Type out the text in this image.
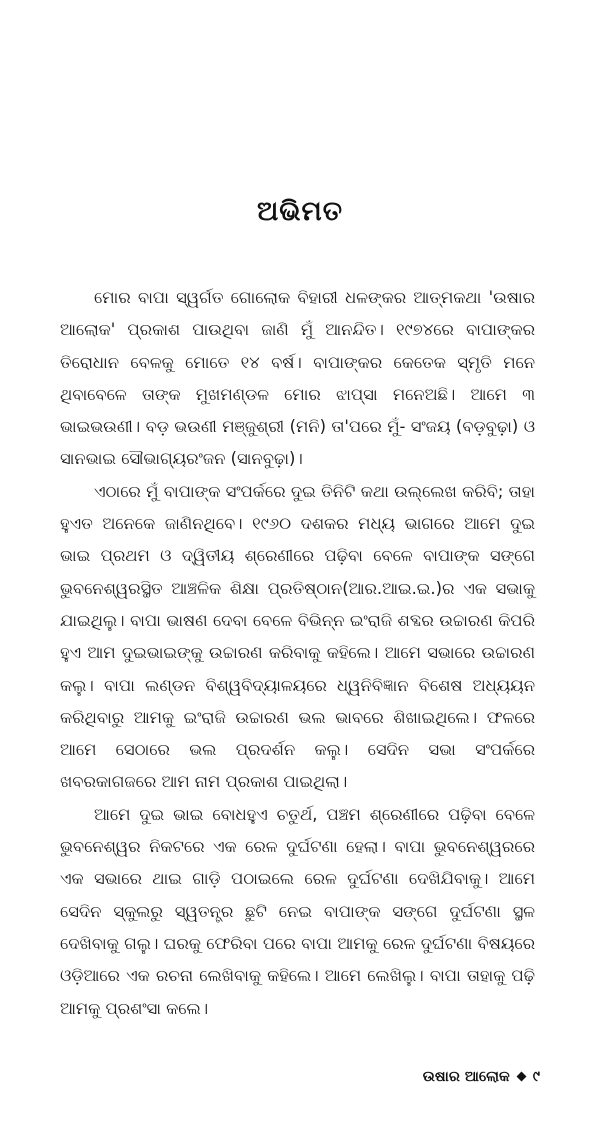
ଅଭିମତ

ମୋର ବାପା ସ୍ୱର୍ଗତ ଗୋଲୋକ ବିହାରୀ ଧଳଙ୍କର ଆତ୍ମକଥା 'ଉଷାର ଆଲୋକ' ପ୍ରକାଶ ପାଉଥିବା ଜାଣି ମୁଁ ଆନନ୍ଦିତ। ୧୯୭୪ରେ ବାପାଙ୍କର ତିରୋଧାନ ବେଳକୁ ମୋତେ ୧୪ ବର୍ଷ। ବାପାଙ୍କର କେତେକ ସ୍ମୃତି ମନେ ଥିବାବେଳେ ତାଙ୍କ ମୁଖମଣ୍ଡଳ ମୋର ଝାପ୍‌ସା ମନେଅଛି। ଆମେ ୩ ଭାଇଭଉଣୀ। ବଡ଼ ଭଉଣୀ ମଞ୍ଜୁଶ୍ରୀ (ମନି) ତା'ପରେ ମୁଁ- ସଂଜୟ (ବଡ଼ବୁଢ଼ା) ଓ ସାନଭାଇ ସୌଭାଗ୍ୟରଂଜନ (ସାନବୁଢ଼ା)।

ଏଠାରେ ମୁଁ ବାପାଙ୍କ ସଂପର୍କରେ ଦୁଇ ତିନିଟି କଥା ଉଲ୍ଲେଖ କରିବି; ତାହା ହୁଏତ ଅନେକେ ଜାଣିନଥିବେ। ୧୯୬୦ ଦଶକର ମଧ୍ୟ ଭାଗରେ ଆମେ ଦୁଇ ଭାଇ ପ୍ରଥମ ଓ ଦ୍ୱିତୀୟ ଶ୍ରେଣୀରେ ପଢ଼ିବା ବେଳେ ବାପାଙ୍କ ସଙ୍ଗେ ଭୁବନେଶ୍ୱରସ୍ଥିତ ଆଞ୍ଚଳିକ ଶିକ୍ଷା ପ୍ରତିଷ୍ଠାନ(ଆର.ଆଇ.ଇ.)ର ଏକ ସଭାକୁ ଯାଇଥିଲୁ। ବାପା ଭାଷଣ ଦେବା ବେଳେ ବିଭିନ୍ନ ଇଂରାଜି ଶବ୍ଦର ଉଚ୍ଚାରଣ କିପରି ହୁଏ ଆମ ଦୁଇଭାଇଙ୍କୁ ଉଚ୍ଚାରଣ କରିବାକୁ କହିଲେ। ଆମେ ସଭାରେ ଉଚ୍ଚାରଣ କଲୁ। ବାପା ଲଣ୍ଡନ ବିଶ୍ୱବିଦ୍ୟାଳୟରେ ଧ୍ୱନିବିଜ୍ଞାନ ବିଶେଷ ଅଧ୍ୟୟନ କରିଥିବାରୁ ଆମକୁ ଇଂରାଜି ଉଚ୍ଚାରଣ ଭଲ ଭାବରେ ଶିଖାଇଥିଲେ। ଫଳରେ ଆମେ ସେଠାରେ ଭଲ ପ୍ରଦର୍ଶନ କଲୁ। ସେଦିନ ସଭା ସଂପର୍କରେ ଖବରକାଗଜରେ ଆମ ନାମ ପ୍ରକାଶ ପାଇଥିଲା।

ଆମେ ଦୁଇ ଭାଇ ବୋଧହୁଏ ଚତୁର୍ଥ, ପଞ୍ଚମ ଶ୍ରେଣୀରେ ପଢ଼ିବା ବେଳେ ଭୁବନେଶ୍ୱର ନିକଟରେ ଏକ ରେଳ ଦୁର୍ଘଟଣା ହେଲା। ବାପା ଭୁବନେଶ୍ୱରରେ ଏକ ସଭାରେ ଥାଇ ଗାଡ଼ି ପଠାଇଲେ ରେଳ ଦୁର୍ଘଟଣା ଦେଖିଯିବାକୁ। ଆମେ ସେଦିନ ସ୍କୁଲରୁ ସ୍ୱତନ୍ତ୍ର ଛୁଟି ନେଇ ବାପାଙ୍କ ସଙ୍ଗେ ଦୁର୍ଘଟଣା ସ୍ଥଳ ଦେଖିବାକୁ ଗଲୁ। ଘରକୁ ଫେରିବା ପରେ ବାପା ଆମକୁ ରେଳ ଦୁର୍ଘଟଣା ବିଷୟରେ ଓଡ଼ିଆରେ ଏକ ରଚନା ଲେଖିବାକୁ କହିଲେ। ଆମେ ଲେଖିଲୁ। ବାପା ତାହାକୁ ପଢ଼ି ଆମକୁ ପ୍ରଶଂସା କଲେ।

ଉଷାର ଆଲୋକ ୯
